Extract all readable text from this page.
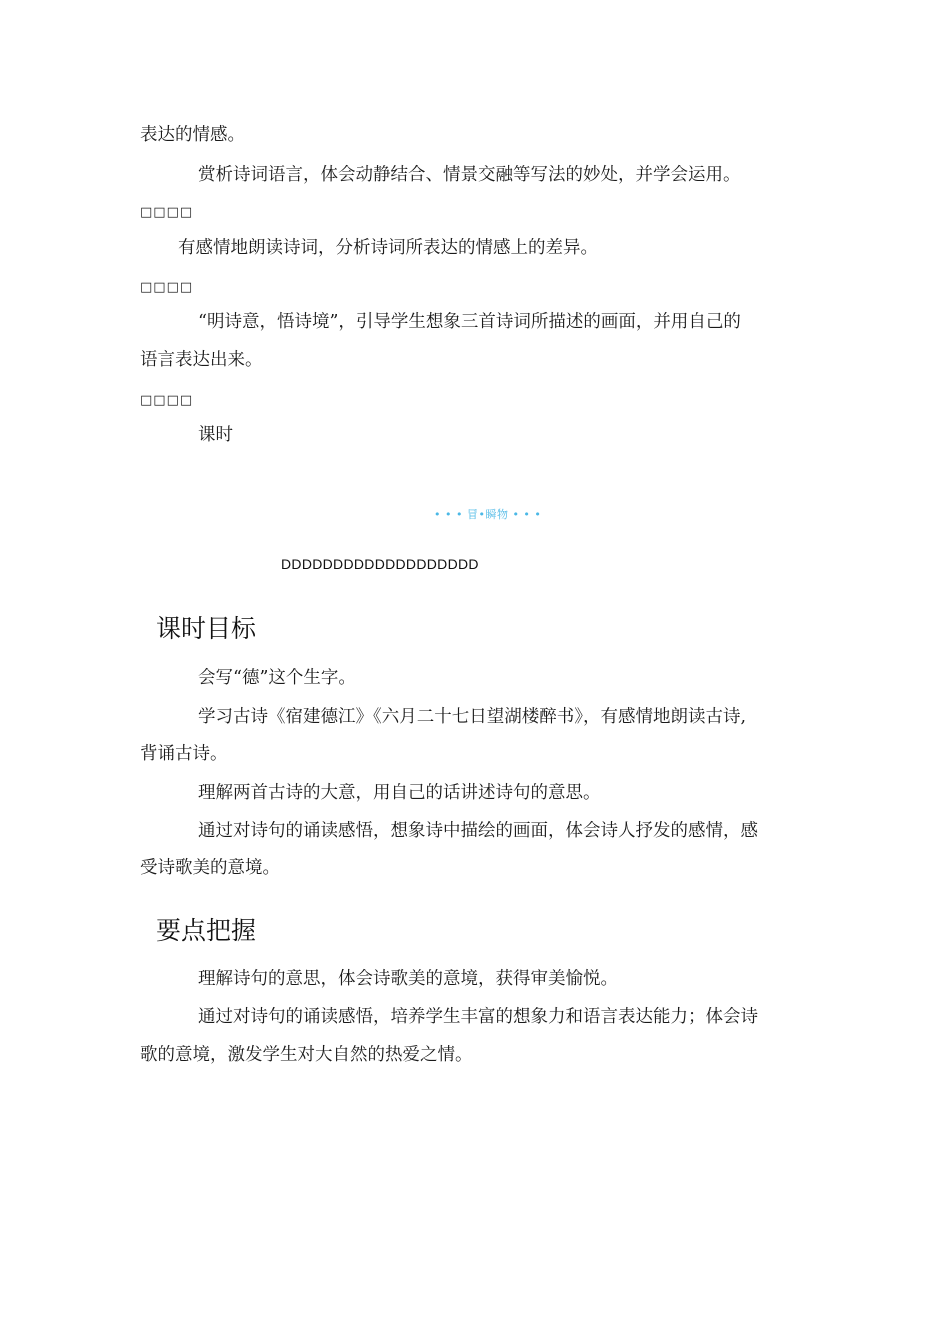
表达的情感。
赏析诗词语言，体会动静结合、情景交融等写法的妙处，并学会运用。
□□□□
有感情地朗读诗词，分析诗词所表达的情感上的差异。
□□□□
“明诗意，悟诗境”，引导学生想象三首诗词所描述的画面，并用自己的
语言表达出来。
□□□□
课时
• • • 冒•瞬物 • • •
DDDDDDDDDDDDDDDDDDD
课时目标
会写“德”这个生字。
学习古诗《宿建德江》《六月二十七日望湖楼醉书》，有感情地朗读古诗,
背诵古诗。
理解两首古诗的大意，用自己的话讲述诗句的意思。
通过对诗句的诵读感悟，想象诗中描绘的画面，体会诗人抒发的感情，感
受诗歌美的意境。
要点把握
理解诗句的意思，体会诗歌美的意境，获得审美愉悦。
通过对诗句的诵读感悟，培养学生丰富的想象力和语言表达能力；体会诗
歌的意境，激发学生对大自然的热爱之情。
